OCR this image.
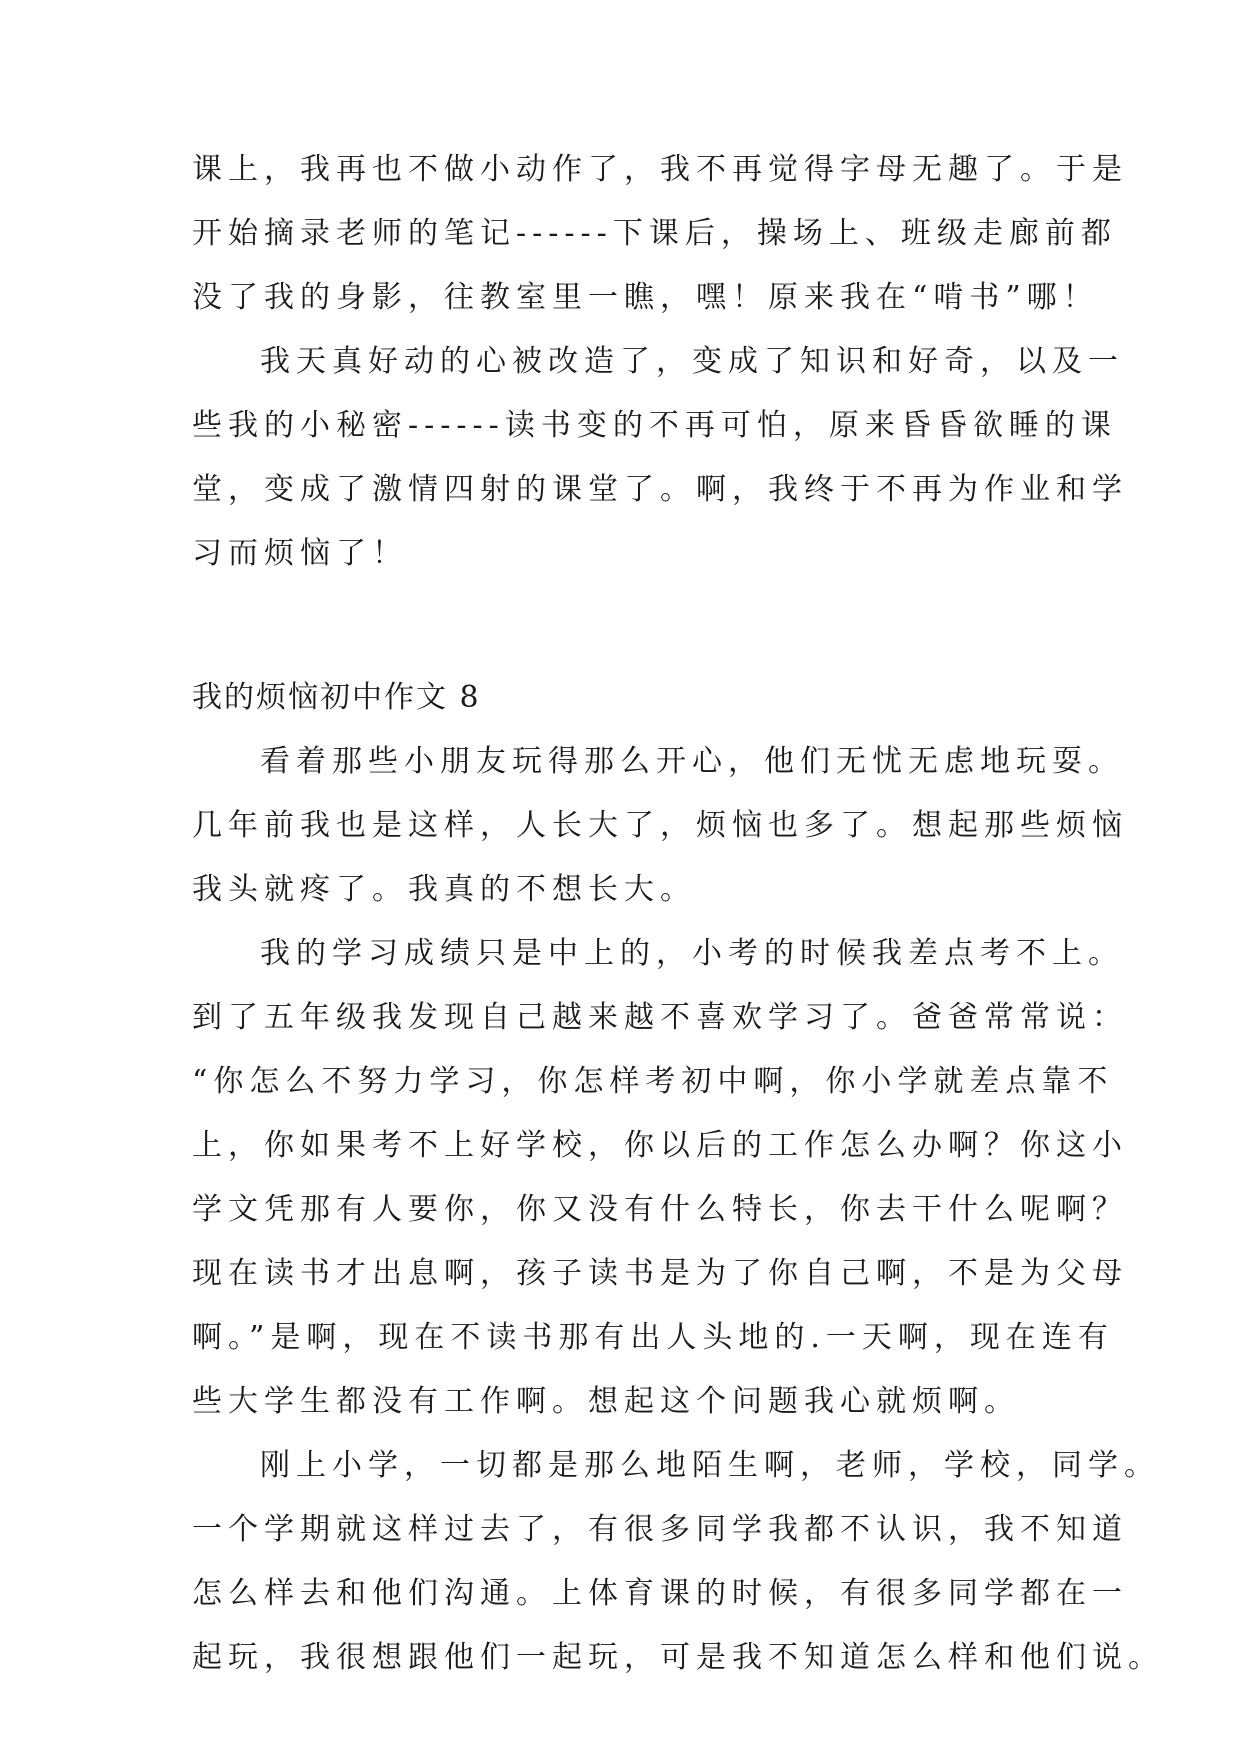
课上，我再也不做小动作了，我不再觉得字母无趣了。于是
开始摘录老师的笔记------下课后，操场上、班级走廊前都
没了我的身影，往教室里一瞧，嘿！原来我在“啃书”哪！
我天真好动的心被改造了，变成了知识和好奇，以及一
些我的小秘密------读书变的不再可怕，原来昏昏欲睡的课
堂，变成了激情四射的课堂了。啊，我终于不再为作业和学
习而烦恼了！
我的烦恼初中作文 8
看着那些小朋友玩得那么开心，他们无忧无虑地玩耍。
几年前我也是这样，人长大了，烦恼也多了。想起那些烦恼
我头就疼了。我真的不想长大。
我的学习成绩只是中上的，小考的时候我差点考不上。
到了五年级我发现自己越来越不喜欢学习了。爸爸常常说：
“你怎么不努力学习，你怎样考初中啊，你小学就差点靠不
上，你如果考不上好学校，你以后的工作怎么办啊？你这小
学文凭那有人要你，你又没有什么特长，你去干什么呢啊？
现在读书才出息啊，孩子读书是为了你自己啊，不是为父母
啊。”是啊，现在不读书那有出人头地的.一天啊，现在连有
些大学生都没有工作啊。想起这个问题我心就烦啊。
刚上小学，一切都是那么地陌生啊，老师，学校，同学。
一个学期就这样过去了，有很多同学我都不认识，我不知道
怎么样去和他们沟通。上体育课的时候，有很多同学都在一
起玩，我很想跟他们一起玩，可是我不知道怎么样和他们说。
